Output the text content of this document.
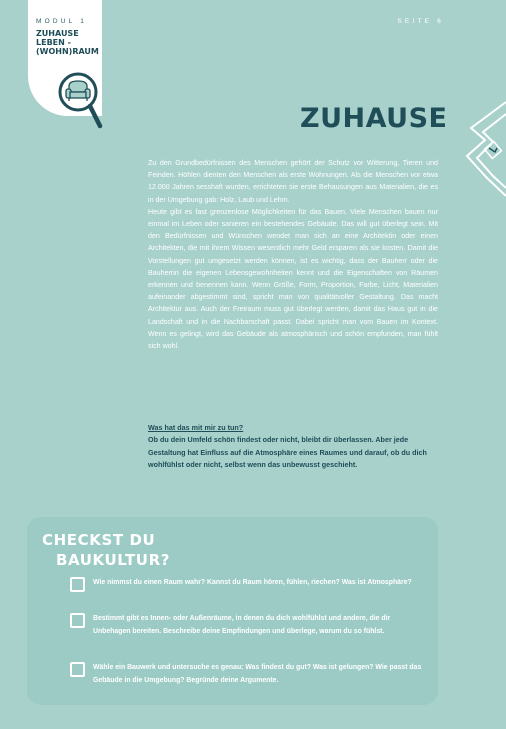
MODUL 1
ZUHAUSE LEBEN - (WOHN)RAUM
SEITE 6
ZUHAUSE

Zu den Grundbedürfnissen des Menschen gehört der Schutz vor Witterung, Tieren und Feinden. Höhlen dienten den Menschen als erste Wohnungen. Als die Menschen vor etwa 12.000 Jahren sesshaft wurden, errichteten sie erste Behausungen aus Materialien, die es in der Umgebung gab: Holz, Laub und Lehm.

Heute gibt es fast grenzenlose Möglichkeiten für das Bauen. Viele Menschen bauen nur einmal im Leben oder sanieren ein bestehendes Gebäude. Das will gut überlegt sein. Mit den Bedürfnissen und Wünschen wendet man sich an eine Architektin oder einen Architekten, die mit ihrem Wissen wesentlich mehr Geld ersparen als sie kosten. Damit die Vorstellungen gut umgesetzt werden können, ist es wichtig, dass der Bauherr oder die Bauherrin die eigenen Lebensgewohnheiten kennt und die Eigenschaften von Räumen erkennen und benennen kann. Wenn Größe, Form, Proportion, Farbe, Licht, Materialien aufeinander abgestimmt sind, spricht man von qualitätvoller Gestaltung. Das macht Architektur aus. Auch der Freiraum muss gut überlegt werden, damit das Haus gut in die Landschaft und in die Nachbarschaft passt. Dabei spricht man vom Bauen im Kontext. Wenn es gelingt, wird das Gebäude als atmosphärisch und schön empfunden, man fühlt sich wohl.

Was hat das mit mir zu tun?
Ob du dein Umfeld schön findest oder nicht, bleibt dir überlassen. Aber jede Gestaltung hat Einfluss auf die Atmosphäre eines Raumes und darauf, ob du dich wohlfühlst oder nicht, selbst wenn das unbewusst geschieht.
CHECKST DU
BAUKULTUR?
Wie nimmst du einen Raum wahr? Kannst du Raum hören, fühlen, riechen? Was ist Atmosphäre?
Bestimmt gibt es Innen- oder Außenräume, in denen du dich wohlfühlst und andere, die dir Unbehagen bereiten. Beschreibe deine Empfindungen und überlege, warum du so fühlst.
Wähle ein Bauwerk und untersuche es genau: Was findest du gut? Was ist gelungen? Wie passt das Gebäude in die Umgebung? Begründe deine Argumente.
